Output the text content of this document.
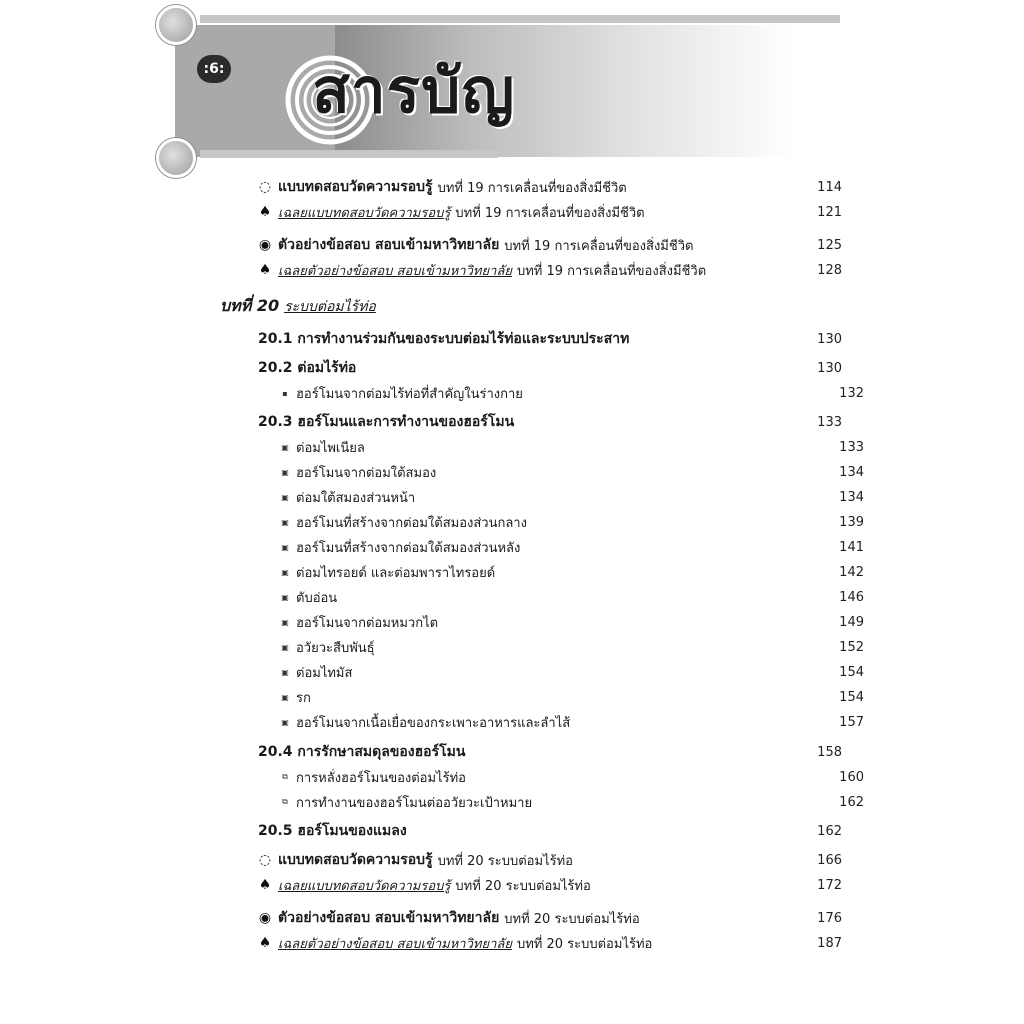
:6: สารบัญ
◌ แบบทดสอบวัดความรอบรู้ บทที่ 19 การเคลื่อนที่ของสิ่งมีชีวิต	114
♠ เฉลยแบบทดสอบวัดความรอบรู้ บทที่ 19 การเคลื่อนที่ของสิ่งมีชีวิต	121
◉ ตัวอย่างข้อสอบ สอบเข้ามหาวิทยาลัย บทที่ 19 การเคลื่อนที่ของสิ่งมีชีวิต	125
♠ เฉลยตัวอย่างข้อสอบ สอบเข้ามหาวิทยาลัย บทที่ 19 การเคลื่อนที่ของสิ่งมีชีวิต	128
บทที่ 20 ระบบต่อมไร้ท่อ
20.1 การทำงานร่วมกันของระบบต่อมไร้ท่อและระบบประสาท	130
20.2 ต่อมไร้ท่อ	130
▪ ฮอร์โมนจากต่อมไร้ท่อที่สำคัญในร่างกาย	132
20.3 ฮอร์โมนและการทำงานของฮอร์โมน	133
▣ ต่อมไพเนียล	133
▣ ฮอร์โมนจากต่อมใต้สมอง	134
▣ ต่อมใต้สมองส่วนหน้า	134
▣ ฮอร์โมนที่สร้างจากต่อมใต้สมองส่วนกลาง	139
▣ ฮอร์โมนที่สร้างจากต่อมใต้สมองส่วนหลัง	141
▣ ต่อมไทรอยด์ และต่อมพาราไทรอยด์	142
▣ ตับอ่อน	146
▣ ฮอร์โมนจากต่อมหมวกไต	149
▣ อวัยวะสืบพันธุ์	152
▣ ต่อมไทมัส	154
▣ รก	154
▣ ฮอร์โมนจากเนื้อเยื่อของกระเพาะอาหารและลำไส้	157
20.4 การรักษาสมดุลของฮอร์โมน	158
⧉ การหลั่งฮอร์โมนของต่อมไร้ท่อ	160
⧉ การทำงานของฮอร์โมนต่ออวัยวะเป้าหมาย	162
20.5 ฮอร์โมนของแมลง	162
◌ แบบทดสอบวัดความรอบรู้ บทที่ 20 ระบบต่อมไร้ท่อ	166
♠ เฉลยแบบทดสอบวัดความรอบรู้ บทที่ 20 ระบบต่อมไร้ท่อ	172
◉ ตัวอย่างข้อสอบ สอบเข้ามหาวิทยาลัย บทที่ 20 ระบบต่อมไร้ท่อ	176
♠ เฉลยตัวอย่างข้อสอบ สอบเข้ามหาวิทยาลัย บทที่ 20 ระบบต่อมไร้ท่อ	187
